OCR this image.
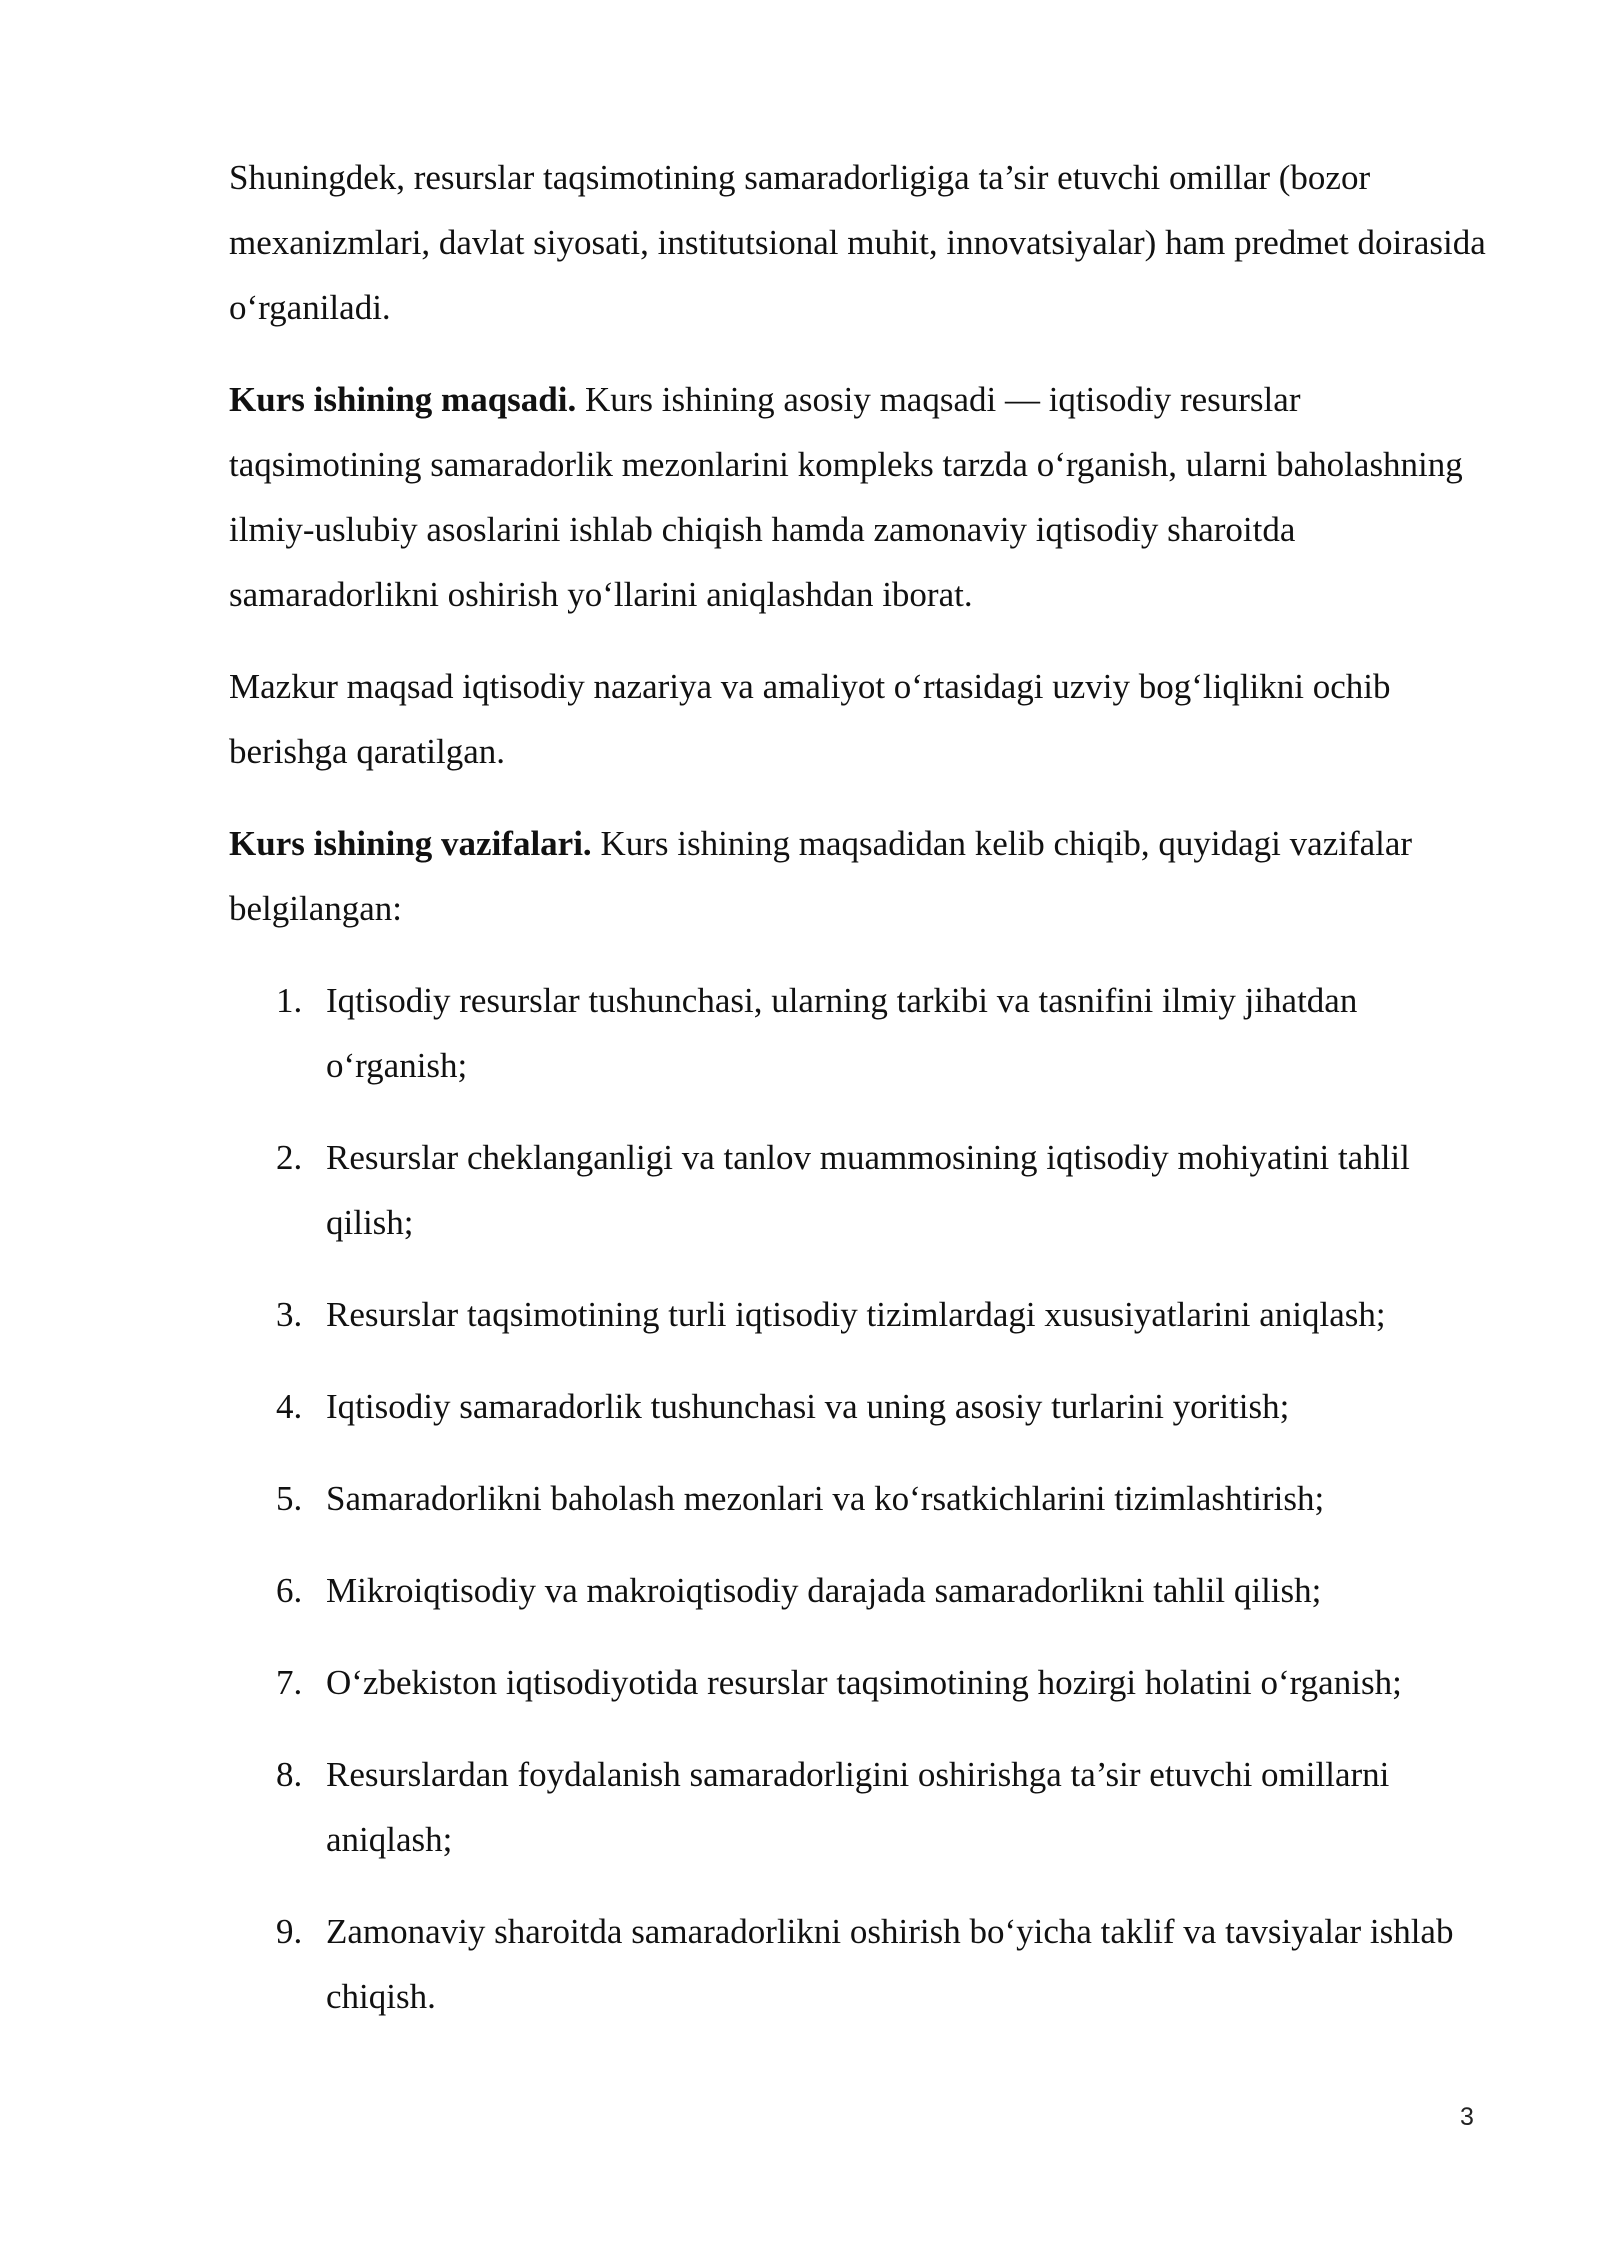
Shuningdek, resurslar taqsimotining samaradorligiga ta’sir etuvchi omillar (bozor mexanizmlari, davlat siyosati, institutsional muhit, innovatsiyalar) ham predmet doirasida o‘rganiladi.

Kurs ishining maqsadi. Kurs ishining asosiy maqsadi — iqtisodiy resurslar taqsimotining samaradorlik mezonlarini kompleks tarzda o‘rganish, ularni baholashning ilmiy-uslubiy asoslarini ishlab chiqish hamda zamonaviy iqtisodiy sharoitda samaradorlikni oshirish yo‘llarini aniqlashdan iborat.

Mazkur maqsad iqtisodiy nazariya va amaliyot o‘rtasidagi uzviy bog‘liqlikni ochib berishga qaratilgan.

Kurs ishining vazifalari. Kurs ishining maqsadidan kelib chiqib, quyidagi vazifalar belgilangan:

1. Iqtisodiy resurslar tushunchasi, ularning tarkibi va tasnifini ilmiy jihatdan o‘rganish;
2. Resurslar cheklanganligi va tanlov muammosining iqtisodiy mohiyatini tahlil qilish;
3. Resurslar taqsimotining turli iqtisodiy tizimlardagi xususiyatlarini aniqlash;
4. Iqtisodiy samaradorlik tushunchasi va uning asosiy turlarini yoritish;
5. Samaradorlikni baholash mezonlari va ko‘rsatkichlarini tizimlashtirish;
6. Mikroiqtisodiy va makroiqtisodiy darajada samaradorlikni tahlil qilish;
7. O‘zbekiston iqtisodiyotida resurslar taqsimotining hozirgi holatini o‘rganish;
8. Resurslardan foydalanish samaradorligini oshirishga ta’sir etuvchi omillarni aniqlash;
9. Zamonaviy sharoitda samaradorlikni oshirish bo‘yicha taklif va tavsiyalar ishlab chiqish.
3
